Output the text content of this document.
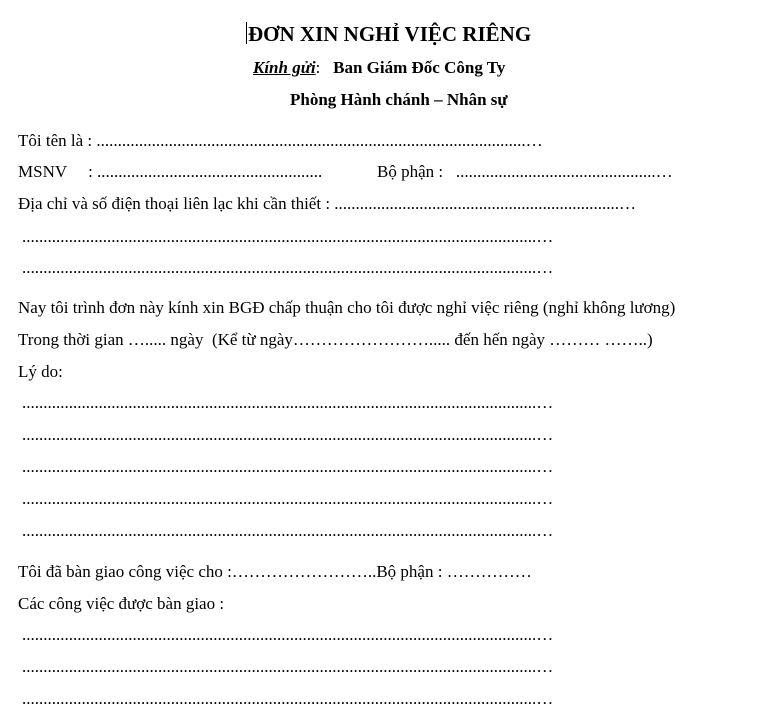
ĐƠN XIN NGHỈ VIỆC RIÊNG
Kính gửi: Ban Giám Đốc Công Ty
Phòng Hành chánh – Nhân sự
Tôi tên là : .....................................................................................................…
MSNV     : .....................................................	Bộ phận :   ...............................................…
Địa chỉ và số điện thoại liên lạc khi cần thiết : ...................................................................…
.........................................................................................................................…
.........................................................................................................................…
Nay tôi trình đơn này kính xin BGĐ chấp thuận cho tôi được nghỉ việc riêng (nghỉ không lương)
Trong thời gian …..... ngày  (Kể từ ngày……………………..... đến hến ngày ……… ……..)
Lý do:
.........................................................................................................................…
.........................................................................................................................…
.........................................................................................................................…
.........................................................................................................................…
.........................................................................................................................…
Tôi đã bàn giao công việc cho :……………………..Bộ phận : ……………
Các công việc được bàn giao :
.........................................................................................................................…
.........................................................................................................................…
.........................................................................................................................…
